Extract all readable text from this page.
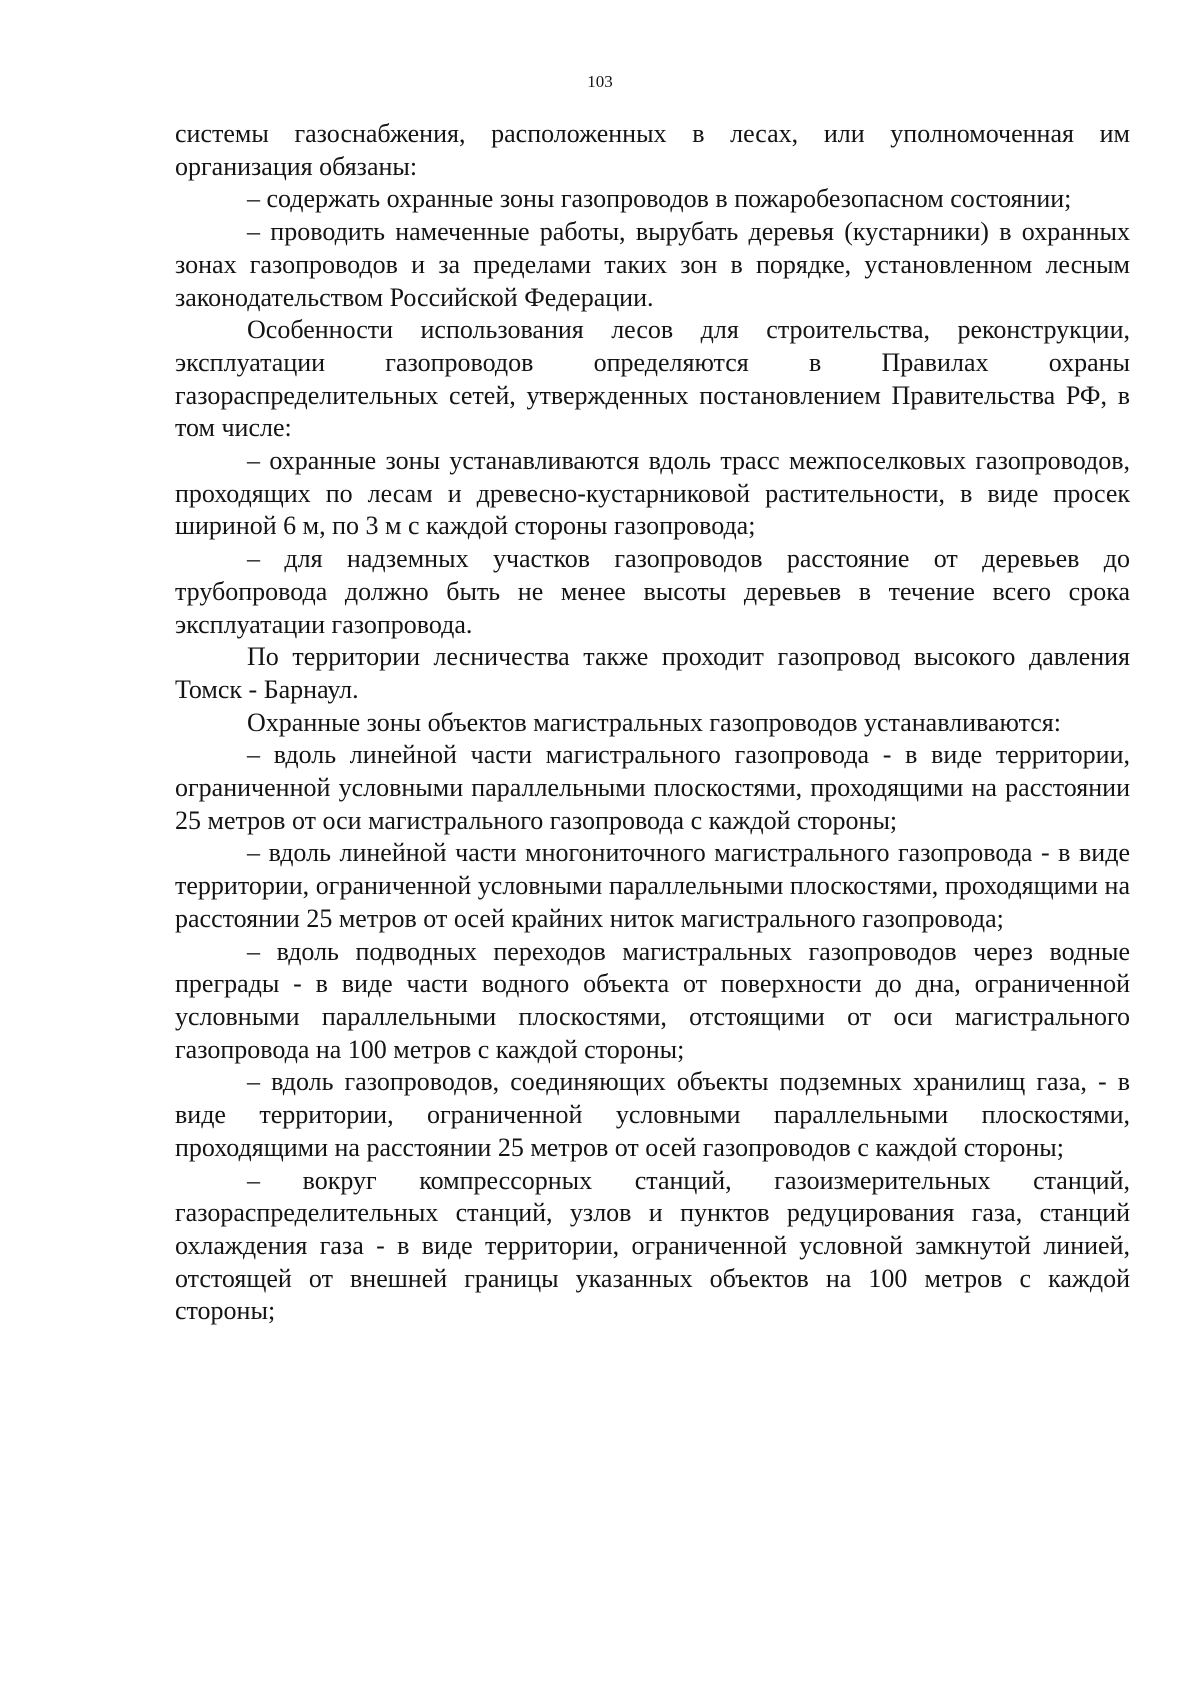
103

системы газоснабжения, расположенных в лесах, или уполномоченная им организация обязаны:

– содержать охранные зоны газопроводов в пожаробезопасном состоянии;

– проводить намеченные работы, вырубать деревья (кустарники) в охранных зонах газопроводов и за пределами таких зон в порядке, установленном лесным законодательством Российской Федерации.

Особенности использования лесов для строительства, реконструкции, эксплуатации газопроводов определяются в Правилах охраны газораспределительных сетей, утвержденных постановлением Правительства РФ, в том числе:

– охранные зоны устанавливаются вдоль трасс межпоселковых газопроводов, проходящих по лесам и древесно-кустарниковой растительности, в виде просек шириной 6 м, по 3 м с каждой стороны газопровода;

– для надземных участков газопроводов расстояние от деревьев до трубопровода должно быть не менее высоты деревьев в течение всего срока эксплуатации газопровода.

По территории лесничества также проходит газопровод высокого давления Томск - Барнаул.

Охранные зоны объектов магистральных газопроводов устанавливаются:

– вдоль линейной части магистрального газопровода - в виде территории, ограниченной условными параллельными плоскостями, проходящими на расстоянии 25 метров от оси магистрального газопровода с каждой стороны;

– вдоль линейной части многониточного магистрального газопровода - в виде территории, ограниченной условными параллельными плоскостями, проходящими на расстоянии 25 метров от осей крайних ниток магистрального газопровода;

– вдоль подводных переходов магистральных газопроводов через водные преграды - в виде части водного объекта от поверхности до дна, ограниченной условными параллельными плоскостями, отстоящими от оси магистрального газопровода на 100 метров с каждой стороны;

– вдоль газопроводов, соединяющих объекты подземных хранилищ газа, - в виде территории, ограниченной условными параллельными плоскостями, проходящими на расстоянии 25 метров от осей газопроводов с каждой стороны;

– вокруг компрессорных станций, газоизмерительных станций, газораспределительных станций, узлов и пунктов редуцирования газа, станций охлаждения газа - в виде территории, ограниченной условной замкнутой линией, отстоящей от внешней границы указанных объектов на 100 метров с каждой стороны;
